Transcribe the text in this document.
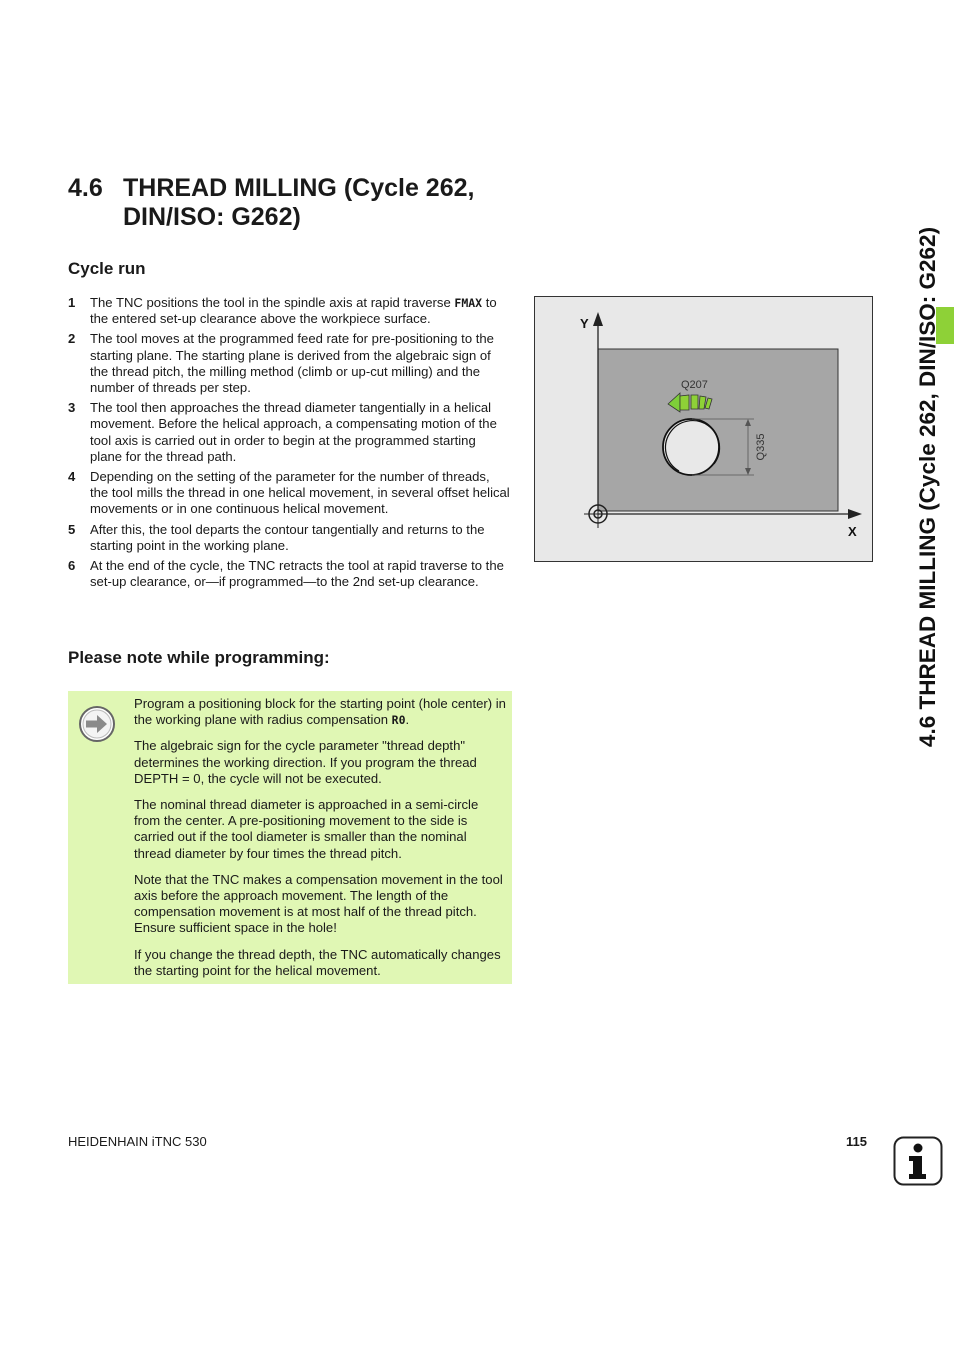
4.6 THREAD MILLING (Cycle 262,
DIN/ISO: G262)
Cycle run
1 The TNC positions the tool in the spindle axis at rapid traverse FMAX to the entered set-up clearance above the workpiece surface.
2 The tool moves at the programmed feed rate for pre-positioning to the starting plane. The starting plane is derived from the algebraic sign of the thread pitch, the milling method (climb or up-cut milling) and the number of threads per step.
3 The tool then approaches the thread diameter tangentially in a helical movement. Before the helical approach, a compensating motion of the tool axis is carried out in order to begin at the programmed starting plane for the thread path.
4 Depending on the setting of the parameter for the number of threads, the tool mills the thread in one helical movement, in several offset helical movements or in one continuous helical movement.
5 After this, the tool departs the contour tangentially and returns to the starting point in the working plane.
6 At the end of the cycle, the TNC retracts the tool at rapid traverse to the set-up clearance, or—if programmed—to the 2nd set-up clearance.
Please note while programming:

Program a positioning block for the starting point (hole center) in the working plane with radius compensation R0.

The algebraic sign for the cycle parameter "thread depth" determines the working direction. If you program the thread DEPTH = 0, the cycle will not be executed.

The nominal thread diameter is approached in a semi-circle from the center. A pre-positioning movement to the side is carried out if the tool diameter is smaller than the nominal thread diameter by four times the thread pitch.

Note that the TNC makes a compensation movement in the tool axis before the approach movement. The length of the compensation movement is at most half of the thread pitch. Ensure sufficient space in the hole!

If you change the thread depth, the TNC automatically changes the starting point for the helical movement.

Y
X
Q335
Q207	4.6 THREAD MILLING (Cycle 262, DIN/ISO: G262)
HEIDENHAIN iTNC 530	115
